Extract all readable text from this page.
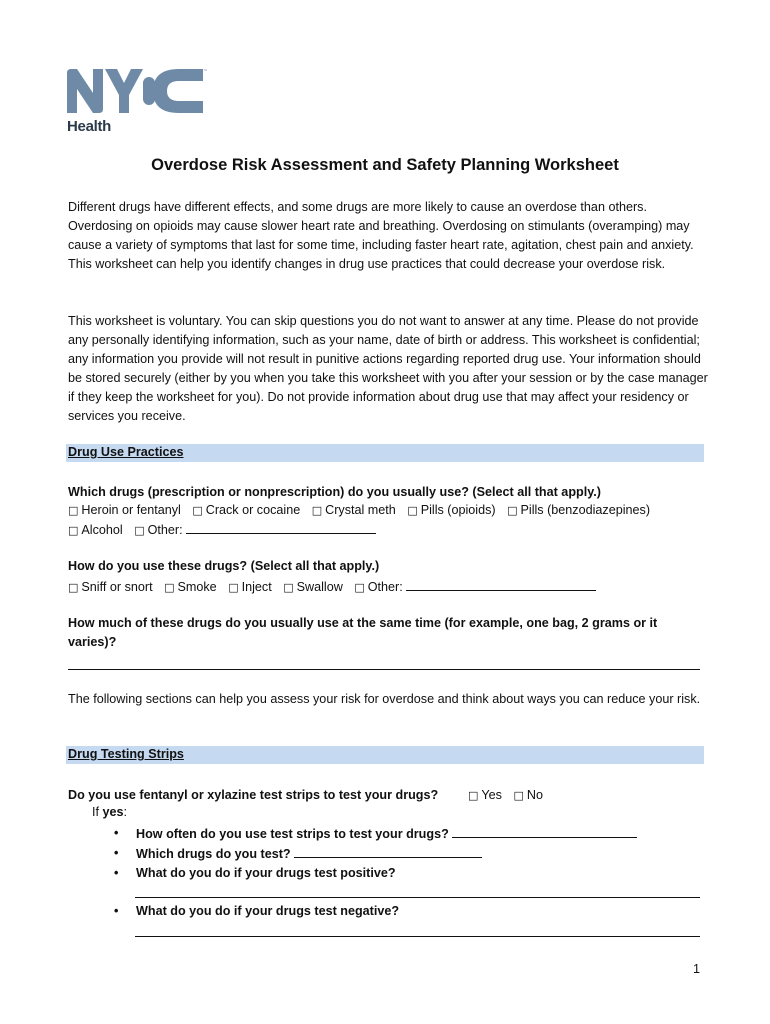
™
Health
Overdose Risk Assessment and Safety Planning Worksheet

Different drugs have different effects, and some drugs are more likely to cause an overdose than others. Overdosing on opioids may cause slower heart rate and breathing. Overdosing on stimulants (overamping) may cause a variety of symptoms that last for some time, including faster heart rate, agitation, chest pain and anxiety. This worksheet can help you identify changes in drug use practices that could decrease your overdose risk.

This worksheet is voluntary. You can skip questions you do not want to answer at any time. Please do not provide any personally identifying information, such as your name, date of birth or address. This worksheet is confidential; any information you provide will not result in punitive actions regarding reported drug use. Your information should be stored securely (either by you when you take this worksheet with you after your session or by the case manager if they keep the worksheet for you). Do not provide information about drug use that may affect your residency or services you receive.

Drug Use Practices
Which drugs (prescription or nonprescription) do you usually use? (Select all that apply.)
□ Heroin or fentanyl □ Crack or cocaine □ Crystal meth □ Pills (opioids) □ Pills (benzodiazepines)
□ Alcohol □ Other:
How do you use these drugs? (Select all that apply.)
□ Sniff or snort □ Smoke □ Inject □ Swallow □ Other:
How much of these drugs do you usually use at the same time (for example, one bag, 2 grams or it varies)?

The following sections can help you assess your risk for overdose and think about ways you can reduce your risk.

Drug Testing Strips
Do you use fentanyl or xylazine test strips to test your drugs?	□ Yes □ No
If yes:
• How often do you use test strips to test your drugs?
• Which drugs do you test?
• What do you do if your drugs test positive?
• What do you do if your drugs test negative?
1
